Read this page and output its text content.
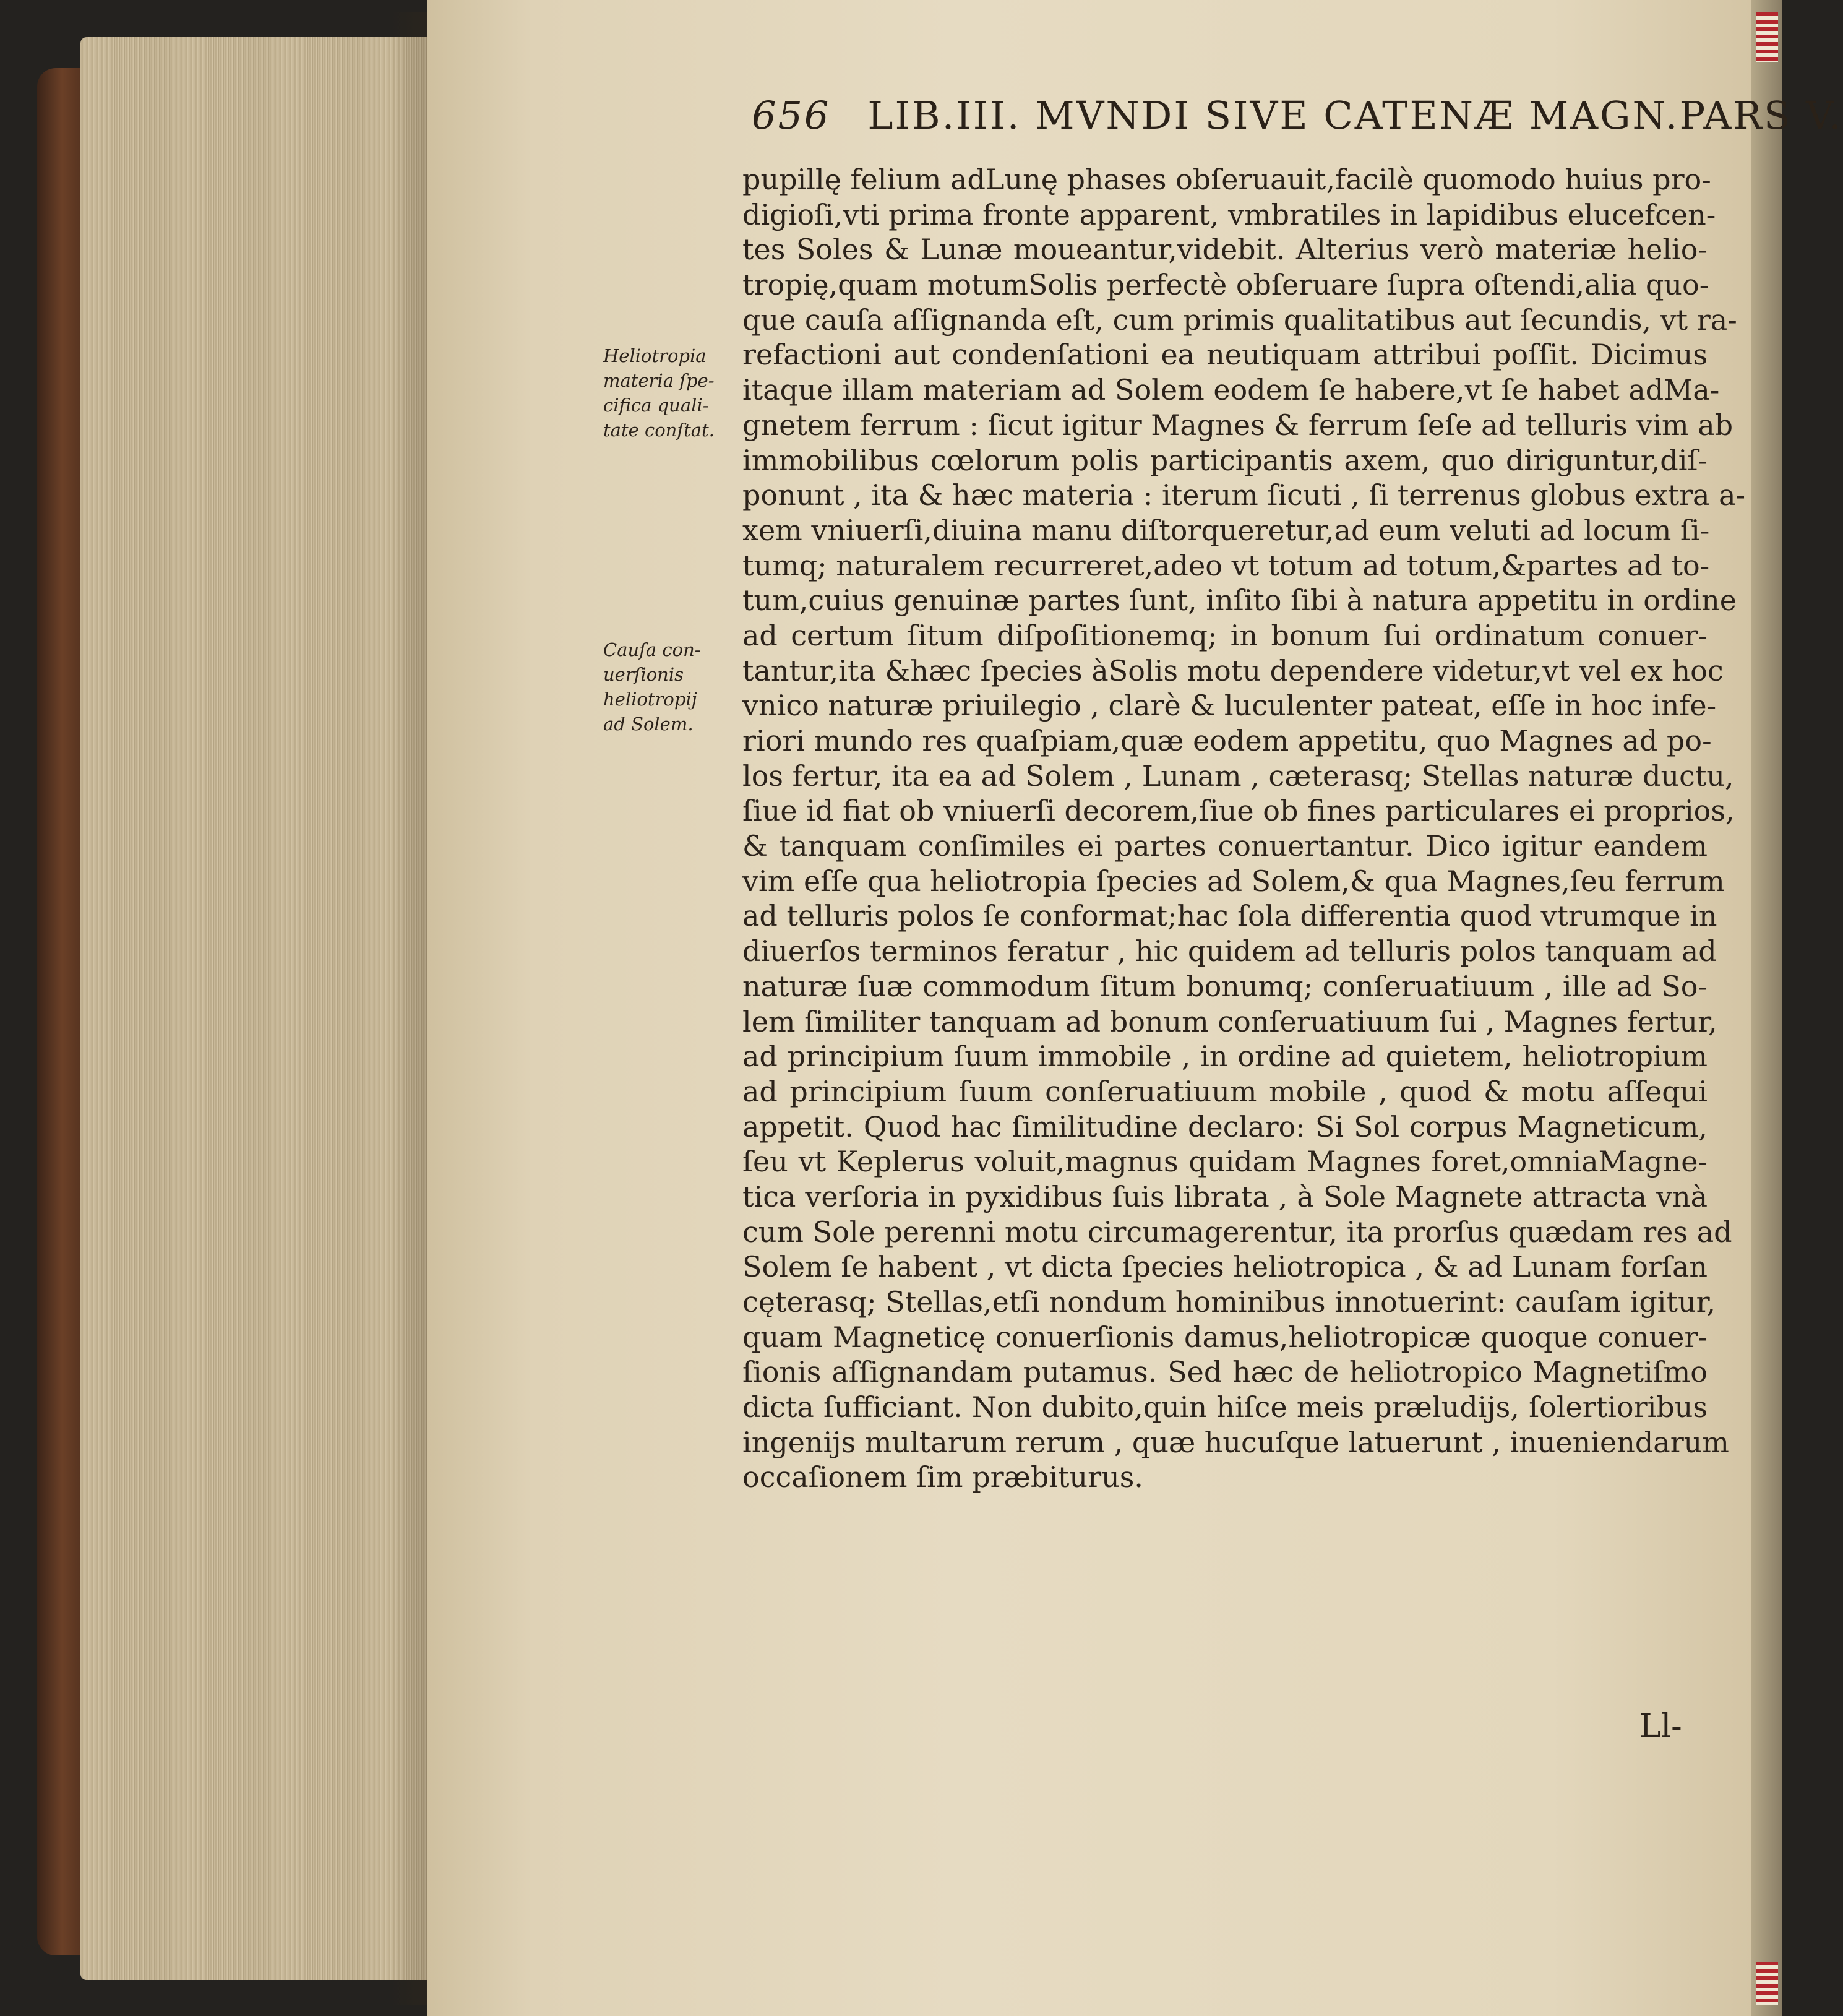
656 LIB.III. MVNDI SIVE CATENÆ MAGN.PARS V.
Heliotropia
materia ſpe-
cifica quali-
tate conſtat.
Cauſa con-
uerſionis
heliotropij
ad Solem.
pupillę felium adLunę phases obſeruauit,facilè quomodo huius pro-
digioſi,vti prima fronte apparent, vmbratiles in lapidibus elucefcen-
tes Soles & Lunæ moueantur,videbit. Alterius verò materiæ helio-
tropię,quam motumSolis perfectè obſeruare ſupra oſtendi,alia quo-
que cauſa aſſignanda eſt, cum primis qualitatibus aut ſecundis, vt ra-
refactioni aut condenſationi ea neutiquam attribui poſſit. Dicimus
itaque illam materiam ad Solem eodem ſe habere,vt ſe habet adMa-
gnetem ferrum : ſicut igitur Magnes & ferrum ſeſe ad telluris vim ab
immobilibus cœlorum polis participantis axem, quo diriguntur,diſ-
ponunt , ita & hæc materia : iterum ſicuti , ſi terrenus globus extra a-
xem vniuerſi,diuina manu diſtorqueretur,ad eum veluti ad locum ſi-
tumq; naturalem recurreret,adeo vt totum ad totum,&partes ad to-
tum,cuius genuinæ partes ſunt, inſito ſibi à natura appetitu in ordine
ad certum ſitum diſpoſitionemq; in bonum ſui ordinatum conuer-
tantur,ita &hæc ſpecies àSolis motu dependere videtur,vt vel ex hoc
vnico naturæ priuilegio , clarè & luculenter pateat, eſſe in hoc infe-
riori mundo res quaſpiam,quæ eodem appetitu, quo Magnes ad po-
los fertur, ita ea ad Solem , Lunam , cæterasq; Stellas naturæ ductu,
ſiue id fiat ob vniuerſi decorem,ſiue ob fines particulares ei proprios,
& tanquam conſimiles ei partes conuertantur. Dico igitur eandem
vim eſſe qua heliotropia ſpecies ad Solem,& qua Magnes,ſeu ferrum
ad telluris polos ſe conformat;hac ſola differentia quod vtrumque in
diuerſos terminos feratur , hic quidem ad telluris polos tanquam ad
naturæ ſuæ commodum ſitum bonumq; conſeruatiuum , ille ad So-
lem ſimiliter tanquam ad bonum conſeruatiuum ſui , Magnes fertur,
ad principium ſuum immobile , in ordine ad quietem, heliotropium
ad principium ſuum conſeruatiuum mobile , quod & motu aſſequi
appetit. Quod hac ſimilitudine declaro: Si Sol corpus Magneticum,
ſeu vt Keplerus voluit,magnus quidam Magnes foret,omniaMagne-
tica verſoria in pyxidibus ſuis librata , à Sole Magnete attracta vnà
cum Sole perenni motu circumagerentur, ita prorſus quædam res ad
Solem ſe habent , vt dicta ſpecies heliotropica , & ad Lunam forſan
cęterasq; Stellas,etſi nondum hominibus innotuerint: cauſam igitur,
quam Magneticę conuerſionis damus,heliotropicæ quoque conuer-
ſionis aſſignandam putamus. Sed hæc de heliotropico Magnetiſmo
dicta ſufficiant. Non dubito,quin hiſce meis præludijs, ſolertioribus
ingenijs multarum rerum , quæ hucuſque latuerunt , inueniendarum
occaſionem ſim præbiturus.
Ll-
